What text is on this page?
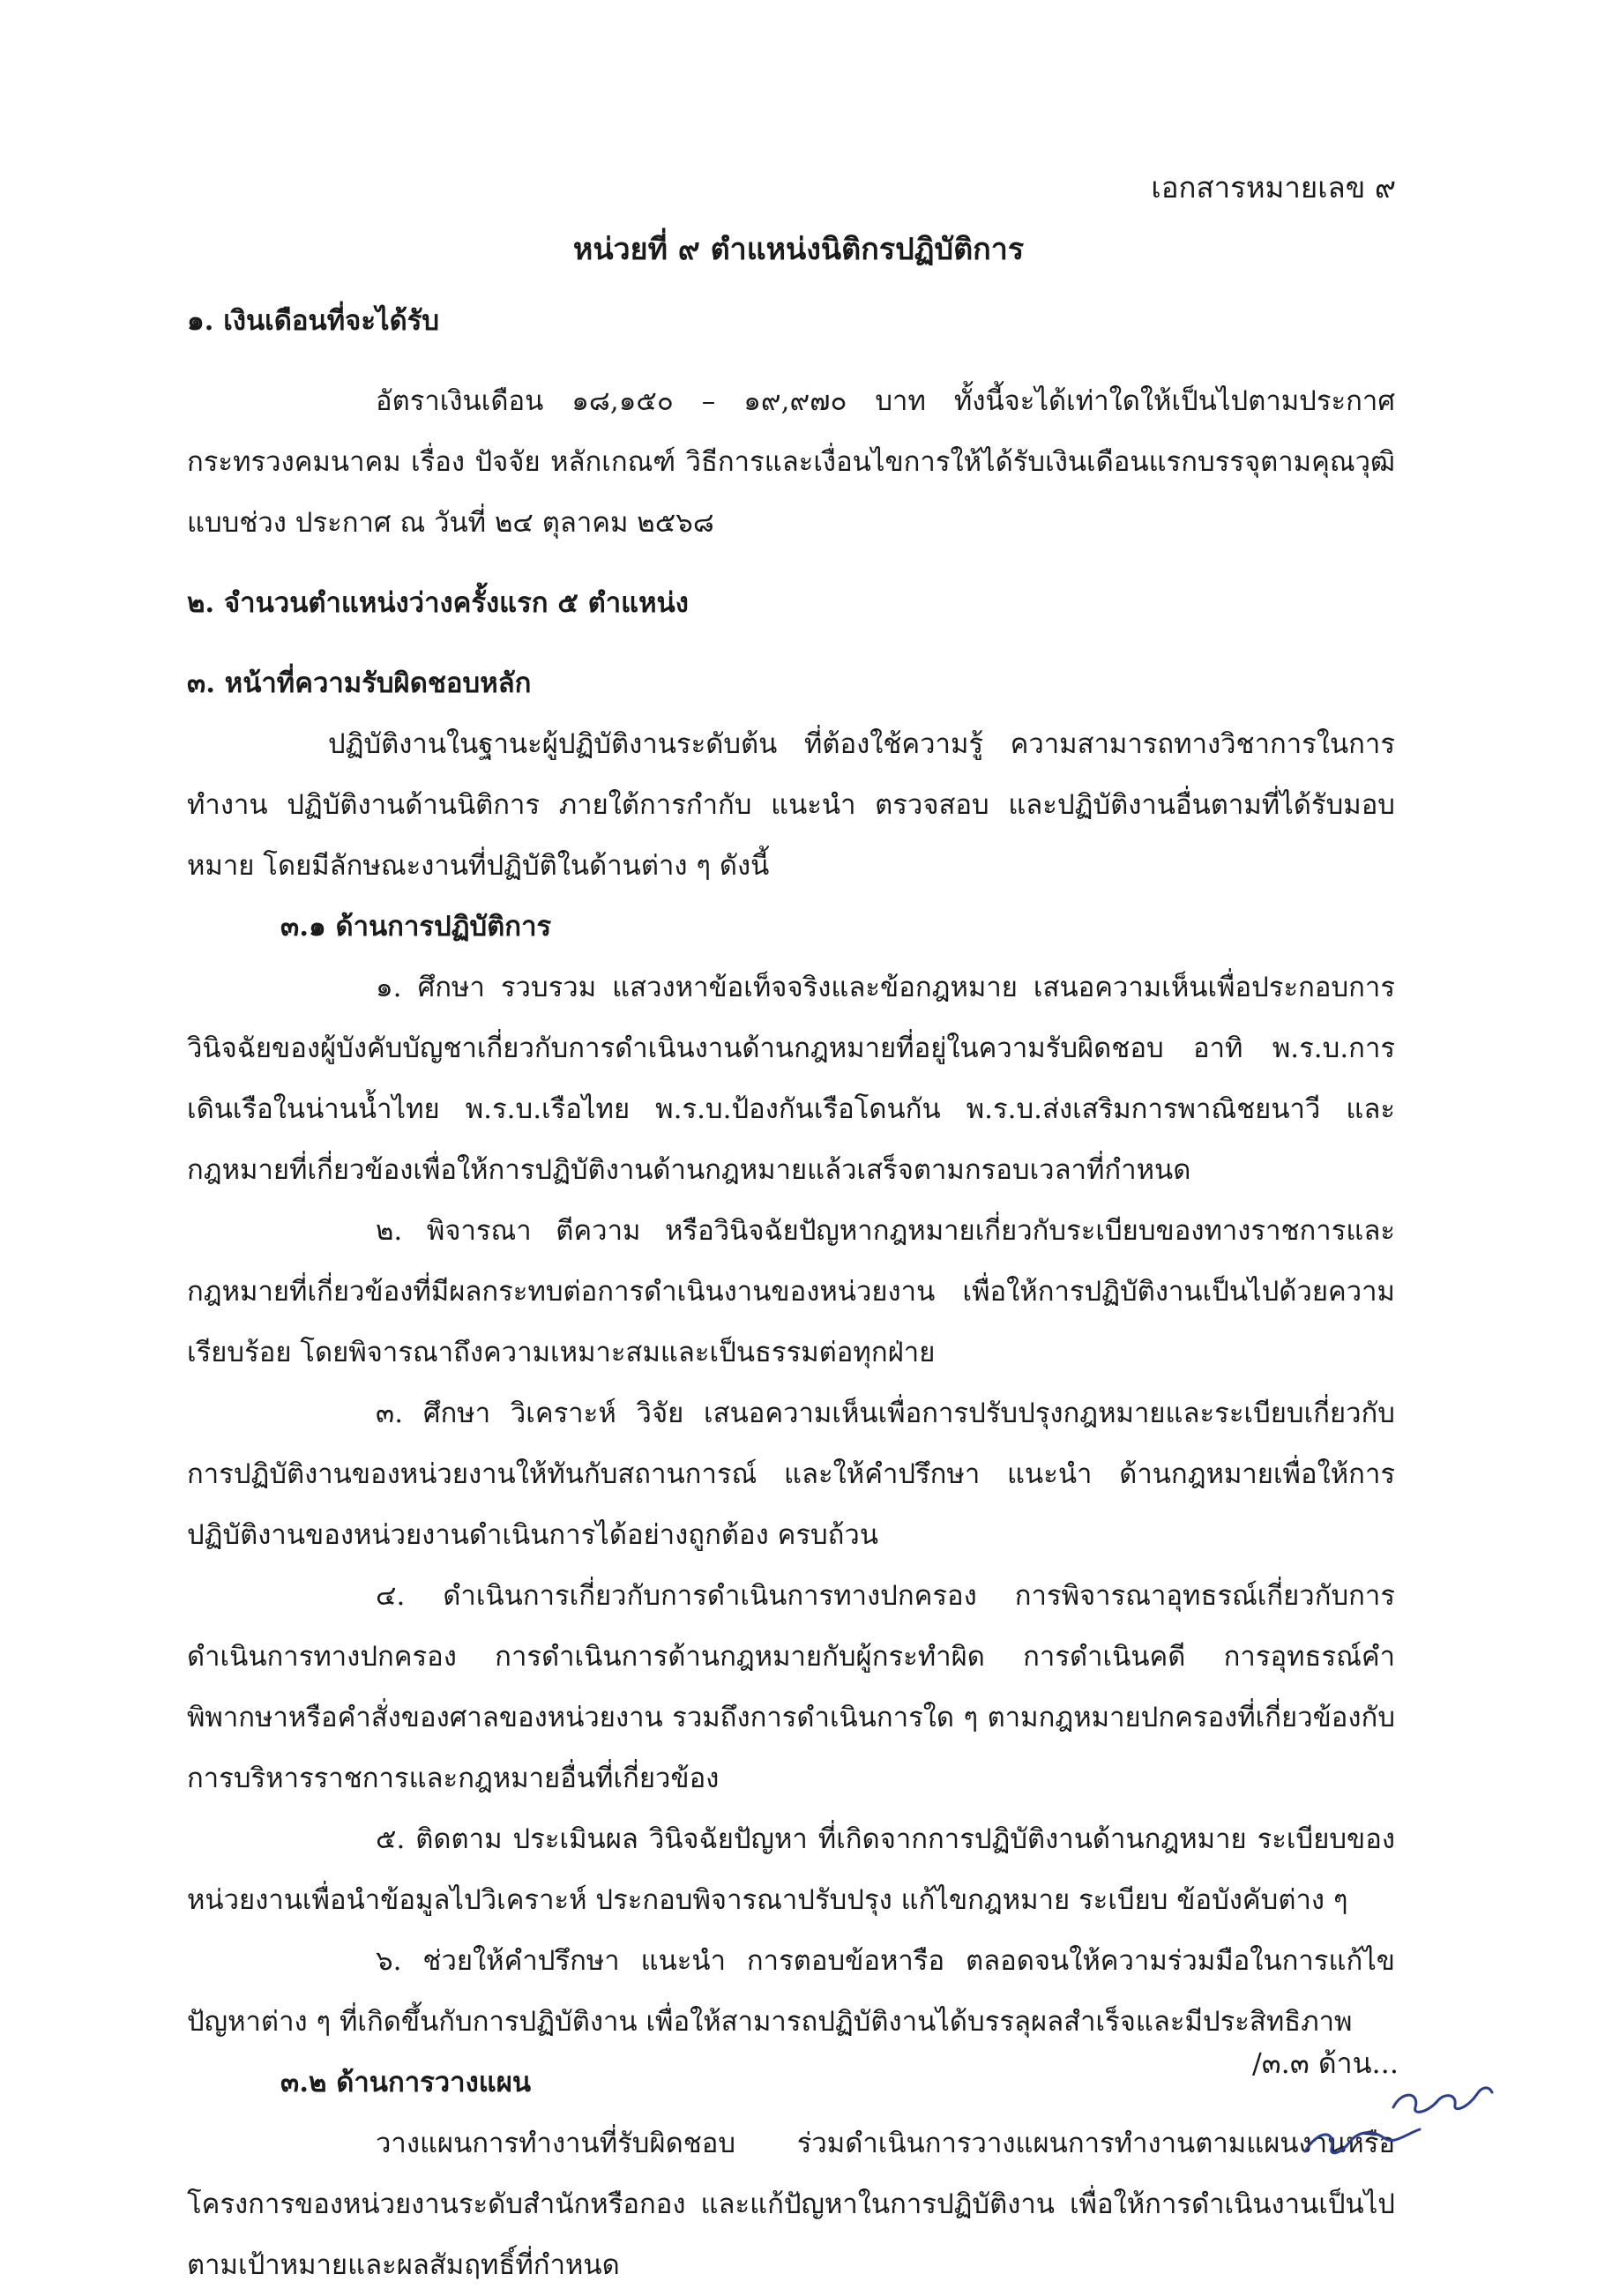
เอกสารหมายเลข ๙
หน่วยที่ ๙ ตำแหน่งนิติกรปฏิบัติการ

๑. เงินเดือนที่จะได้รับ

อัตราเงินเดือน ๑๘,๑๕๐ – ๑๙,๙๗๐ บาท ทั้งนี้จะได้เท่าใดให้เป็นไปตามประกาศกระทรวงคมนาคม เรื่อง ปัจจัย หลักเกณฑ์ วิธีการและเงื่อนไขการให้ได้รับเงินเดือนแรกบรรจุตามคุณวุฒิแบบช่วง ประกาศ ณ วันที่ ๒๔ ตุลาคม ๒๕๖๘

๒. จำนวนตำแหน่งว่างครั้งแรก ๕ ตำแหน่ง

๓. หน้าที่ความรับผิดชอบหลัก

ปฏิบัติงานในฐานะผู้ปฏิบัติงานระดับต้น ที่ต้องใช้ความรู้ ความสามารถทางวิชาการในการทำงาน ปฏิบัติงานด้านนิติการ ภายใต้การกำกับ แนะนำ ตรวจสอบ และปฏิบัติงานอื่นตามที่ได้รับมอบหมาย โดยมีลักษณะงานที่ปฏิบัติในด้านต่าง ๆ ดังนี้

๓.๑ ด้านการปฏิบัติการ

๑. ศึกษา รวบรวม แสวงหาข้อเท็จจริงและข้อกฎหมาย เสนอความเห็นเพื่อประกอบการวินิจฉัยของผู้บังคับบัญชาเกี่ยวกับการดำเนินงานด้านกฎหมายที่อยู่ในความรับผิดชอบ อาทิ พ.ร.บ.การเดินเรือในน่านน้ำไทย พ.ร.บ.เรือไทย พ.ร.บ.ป้องกันเรือโดนกัน พ.ร.บ.ส่งเสริมการพาณิชยนาวี และกฎหมายที่เกี่ยวข้องเพื่อให้การปฏิบัติงานด้านกฎหมายแล้วเสร็จตามกรอบเวลาที่กำหนด

๒. พิจารณา ตีความ หรือวินิจฉัยปัญหากฎหมายเกี่ยวกับระเบียบของทางราชการและกฎหมายที่เกี่ยวข้องที่มีผลกระทบต่อการดำเนินงานของหน่วยงาน เพื่อให้การปฏิบัติงานเป็นไปด้วยความเรียบร้อย โดยพิจารณาถึงความเหมาะสมและเป็นธรรมต่อทุกฝ่าย

๓. ศึกษา วิเคราะห์ วิจัย เสนอความเห็นเพื่อการปรับปรุงกฎหมายและระเบียบเกี่ยวกับการปฏิบัติงานของหน่วยงานให้ทันกับสถานการณ์ และให้คำปรึกษา แนะนำ ด้านกฎหมายเพื่อให้การปฏิบัติงานของหน่วยงานดำเนินการได้อย่างถูกต้อง ครบถ้วน

๔. ดำเนินการเกี่ยวกับการดำเนินการทางปกครอง การพิจารณาอุทธรณ์เกี่ยวกับการดำเนินการทางปกครอง การดำเนินการด้านกฎหมายกับผู้กระทำผิด การดำเนินคดี การอุทธรณ์คำพิพากษาหรือคำสั่งของศาลของหน่วยงาน รวมถึงการดำเนินการใด ๆ ตามกฎหมายปกครองที่เกี่ยวข้องกับการบริหารราชการและกฎหมายอื่นที่เกี่ยวข้อง

๕. ติดตาม ประเมินผล วินิจฉัยปัญหา ที่เกิดจากการปฏิบัติงานด้านกฎหมาย ระเบียบของหน่วยงานเพื่อนำข้อมูลไปวิเคราะห์ ประกอบพิจารณาปรับปรุง แก้ไขกฎหมาย ระเบียบ ข้อบังคับต่าง ๆ

๖. ช่วยให้คำปรึกษา แนะนำ การตอบข้อหารือ ตลอดจนให้ความร่วมมือในการแก้ไขปัญหาต่าง ๆ ที่เกิดขึ้นกับการปฏิบัติงาน เพื่อให้สามารถปฏิบัติงานได้บรรลุผลสำเร็จและมีประสิทธิภาพ

๓.๒ ด้านการวางแผน

วางแผนการทำงานที่รับผิดชอบ ร่วมดำเนินการวางแผนการทำงานตามแผนงานหรือโครงการของหน่วยงานระดับสำนักหรือกอง และแก้ปัญหาในการปฏิบัติงาน เพื่อให้การดำเนินงานเป็นไปตามเป้าหมายและผลสัมฤทธิ์ที่กำหนด

/๓.๓ ด้าน...
